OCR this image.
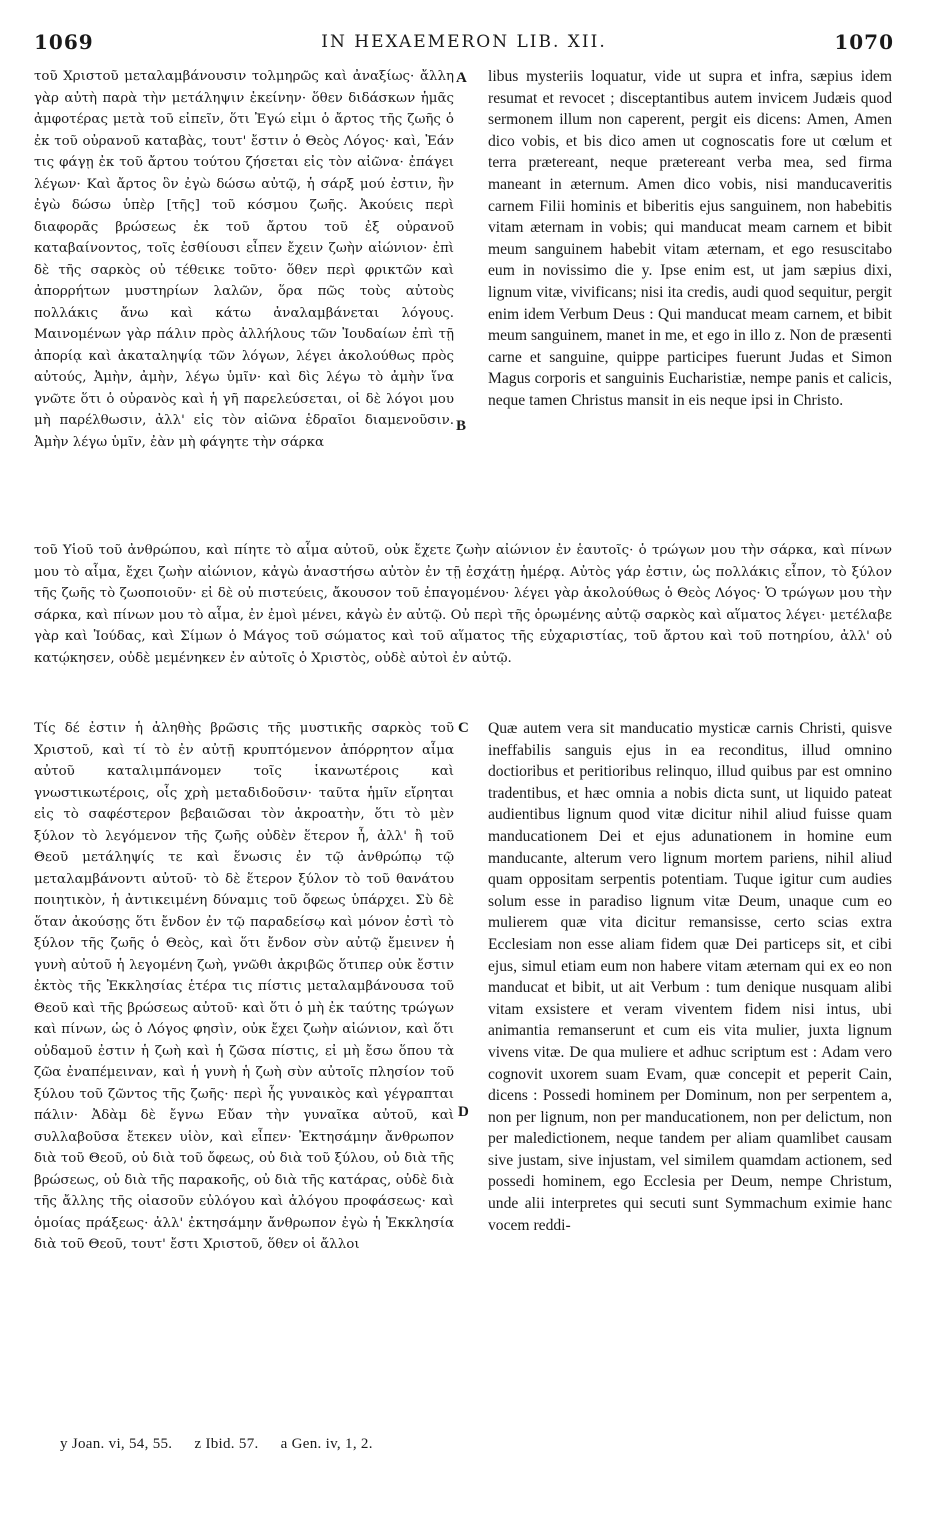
1069	IN HEXAEMERON LIB. XII.	1070

τοῦ Χριστοῦ μεταλαμβάνουσιν τολμηρῶς καὶ ἀναξίως· ἄλλη γὰρ αὐτὴ παρὰ τὴν μετάληψιν ἐκείνην· ὅθεν διδάσκων ἡμᾶς ἀμφοτέρας μετὰ τοῦ εἰπεῖν, ὅτι Ἐγώ εἰμι ὁ ἄρτος τῆς ζωῆς ὁ ἐκ τοῦ οὐρανοῦ καταβὰς, τουτ' ἔστιν ὁ Θεὸς Λόγος· καὶ, Ἐάν τις φάγῃ ἐκ τοῦ ἄρτου τούτου ζήσεται εἰς τὸν αἰῶνα· ἐπάγει λέγων· Καὶ ἄρτος ὃν ἐγὼ δώσω αὐτῷ, ἡ σάρξ μού ἐστιν, ἣν ἐγὼ δώσω ὑπὲρ [τῆς] τοῦ κόσμου ζωῆς. Ἀκούεις περὶ διαφορᾶς βρώσεως ἐκ τοῦ ἄρτου τοῦ ἐξ οὐρανοῦ καταβαίνοντος, τοῖς ἐσθίουσι εἶπεν ἔχειν ζωὴν αἰώνιον· ἐπὶ δὲ τῆς σαρκὸς οὐ τέθεικε τοῦτο· ὅθεν περὶ φρικτῶν καὶ ἀπορρήτων μυστηρίων λαλῶν, ὅρα πῶς τοὺς αὐτοὺς πολλάκις ἄνω καὶ κάτω ἀναλαμβάνεται λόγους. Μαινομένων γὰρ πάλιν πρὸς ἀλλήλους τῶν Ἰουδαίων ἐπὶ τῇ ἀπορίᾳ καὶ ἀκαταληψίᾳ τῶν λόγων, λέγει ἀκολούθως πρὸς αὐτούς, Ἀμὴν, ἀμὴν, λέγω ὑμῖν· καὶ δὶς λέγω τὸ ἀμὴν ἵνα γνῶτε ὅτι ὁ οὐρανὸς καὶ ἡ γῆ παρελεύσεται, οἱ δὲ λόγοι μου μὴ παρέλθωσιν, ἀλλ' εἰς τὸν αἰῶνα ἑδραῖοι διαμενοῦσιν. Ἀμὴν λέγω ὑμῖν, ἐὰν μὴ φάγητε τὴν σάρκα

A
B

libus mysteriis loquatur, vide ut supra et infra, sæpius idem resumat et revocet ; disceptantibus autem invicem Judæis quod sermonem illum non caperent, pergit eis dicens: Amen, Amen dico vobis, et bis dico amen ut cognoscatis fore ut cœlum et terra prætereant, neque prætereant verba mea, sed firma maneant in æternum. Amen dico vobis, nisi manducaveritis carnem Filii hominis et biberitis ejus sanguinem, non habebitis vitam æternam in vobis; qui manducat meam carnem et bibit meum sanguinem habebit vitam æternam, et ego resuscitabo eum in novissimo die y. Ipse enim est, ut jam sæpius dixi, lignum vitæ, vivificans; nisi ita credis, audi quod sequitur, pergit enim idem Verbum Deus : Qui manducat meam carnem, et bibit meum sanguinem, manet in me, et ego in illo z. Non de præsenti carne et sanguine, quippe participes fuerunt Judas et Simon Magus corporis et sanguinis Eucharistiæ, nempe panis et calicis, neque tamen Christus mansit in eis neque ipsi in Christo.

τοῦ Υἱοῦ τοῦ ἀνθρώπου, καὶ πίητε τὸ αἷμα αὐτοῦ, οὐκ ἔχετε ζωὴν αἰώνιον ἐν ἑαυτοῖς· ὁ τρώγων μου τὴν σάρκα, καὶ πίνων μου τὸ αἷμα, ἔχει ζωὴν αἰώνιον, κἀγὼ ἀναστήσω αὐτὸν ἐν τῇ ἐσχάτῃ ἡμέρᾳ. Αὐτὸς γάρ ἐστιν, ὡς πολλάκις εἶπον, τὸ ξύλον τῆς ζωῆς τὸ ζωοποιοῦν· εἰ δὲ οὐ πιστεύεις, ἄκουσον τοῦ ἐπαγομένου· λέγει γὰρ ἀκολούθως ὁ Θεὸς Λόγος· Ὁ τρώγων μου τὴν σάρκα, καὶ πίνων μου τὸ αἷμα, ἐν ἐμοὶ μένει, κἀγὼ ἐν αὐτῷ. Οὐ περὶ τῆς ὁρωμένης αὐτῷ σαρκὸς καὶ αἵματος λέγει· μετέλαβε γὰρ καὶ Ἰούδας, καὶ Σίμων ὁ Μάγος τοῦ σώματος καὶ τοῦ αἵματος τῆς εὐχαριστίας, τοῦ ἄρτου καὶ τοῦ ποτηρίου, ἀλλ' οὐ κατῴκησεν, οὐδὲ μεμένηκεν ἐν αὐτοῖς ὁ Χριστὸς, οὐδὲ αὐτοὶ ἐν αὐτῷ.

Τίς δέ ἐστιν ἡ ἀληθὴς βρῶσις τῆς μυστικῆς σαρκὸς τοῦ Χριστοῦ, καὶ τί τὸ ἐν αὐτῇ κρυπτόμενον ἀπόρρητον αἷμα αὐτοῦ καταλιμπάνομεν τοῖς ἱκανωτέροις καὶ γνωστικωτέροις, οἷς χρὴ μεταδιδοῦσιν· ταῦτα ἡμῖν εἴρηται εἰς τὸ σαφέστερον βεβαιῶσαι τὸν ἀκροατὴν, ὅτι τὸ μὲν ξύλον τὸ λεγόμενον τῆς ζωῆς οὐδὲν ἕτερον ἦ, ἀλλ' ἢ τοῦ Θεοῦ μετάληψίς τε καὶ ἕνωσις ἐν τῷ ἀνθρώπῳ τῷ μεταλαμβάνοντι αὐτοῦ· τὸ δὲ ἕτερον ξύλον τὸ τοῦ θανάτου ποιητικὸν, ἡ ἀντικειμένη δύναμις τοῦ ὄφεως ὑπάρχει. Σὺ δὲ ὅταν ἀκούσῃς ὅτι ἔνδον ἐν τῷ παραδείσῳ καὶ μόνον ἐστὶ τὸ ξύλον τῆς ζωῆς ὁ Θεὸς, καὶ ὅτι ἔνδον σὺν αὐτῷ ἔμεινεν ἡ γυνὴ αὐτοῦ ἡ λεγομένη ζωὴ, γνῶθι ἀκριβῶς ὅτιπερ οὐκ ἔστιν ἐκτὸς τῆς Ἐκκλησίας ἑτέρα τις πίστις μεταλαμβάνουσα τοῦ Θεοῦ καὶ τῆς βρώσεως αὐτοῦ· καὶ ὅτι ὁ μὴ ἐκ ταύτης τρώγων καὶ πίνων, ὡς ὁ Λόγος φησὶν, οὐκ ἔχει ζωὴν αἰώνιον, καὶ ὅτι οὐδαμοῦ ἐστιν ἡ ζωὴ καὶ ἡ ζῶσα πίστις, εἰ μὴ ἔσω ὅπου τὰ ζῶα ἐναπέμειναν, καὶ ἡ γυνὴ ἡ ζωὴ σὺν αὐτοῖς πλησίον τοῦ ξύλου τοῦ ζῶντος τῆς ζωῆς· περὶ ἧς γυναικὸς καὶ γέγραπται πάλιν· Ἀδὰμ δὲ ἔγνω Εὔαν τὴν γυναῖκα αὐτοῦ, καὶ συλλαβοῦσα ἔτεκεν υἱὸν, καὶ εἶπεν· Ἐκτησάμην ἄνθρωπον διὰ τοῦ Θεοῦ, οὐ διὰ τοῦ ὄφεως, οὐ διὰ τοῦ ξύλου, οὐ διὰ τῆς βρώσεως, οὐ διὰ τῆς παρακοῆς, οὐ διὰ τῆς κατάρας, οὐδὲ διὰ τῆς ἄλλης τῆς οἱασοῦν εὐλόγου καὶ ἀλόγου προφάσεως· καὶ ὁμοίας πράξεως· ἀλλ' ἐκτησάμην ἄνθρωπον ἐγὼ ἡ Ἐκκλησία διὰ τοῦ Θεοῦ, τουτ' ἔστι Χριστοῦ, ὅθεν οἱ ἄλλοι

C
D

Quæ autem vera sit manducatio mysticæ carnis Christi, quisve ineffabilis sanguis ejus in ea reconditus, illud omnino doctioribus et peritioribus relinquo, illud quibus par est omnino tradentibus, et hæc omnia a nobis dicta sunt, ut liquido pateat audientibus lignum quod vitæ dicitur nihil aliud fuisse quam manducationem Dei et ejus adunationem in homine eum manducante, alterum vero lignum mortem pariens, nihil aliud quam oppositam serpentis potentiam. Tuque igitur cum audies solum esse in paradiso lignum vitæ Deum, unaque cum eo mulierem quæ vita dicitur remansisse, certo scias extra Ecclesiam non esse aliam fidem quæ Dei particeps sit, et cibi ejus, simul etiam eum non habere vitam æternam qui ex eo non manducat et bibit, ut ait Verbum : tum denique nusquam alibi vitam exsistere et veram viventem fidem nisi intus, ubi animantia remanserunt et cum eis vita mulier, juxta lignum vivens vitæ. De qua muliere et adhuc scriptum est : Adam vero cognovit uxorem suam Evam, quæ concepit et peperit Cain, dicens : Possedi hominem per Dominum, non per serpentem a, non per lignum, non per manducationem, non per delictum, non per maledictionem, neque tandem per aliam quamlibet causam sive justam, sive injustam, vel similem quamdam actionem, sed possedi hominem, ego Ecclesia per Deum, nempe Christum, unde alii interpretes qui secuti sunt Symmachum eximie hanc vocem reddi-

y Joan. vi, 54, 55. z Ibid. 57. a Gen. iv, 1, 2.
